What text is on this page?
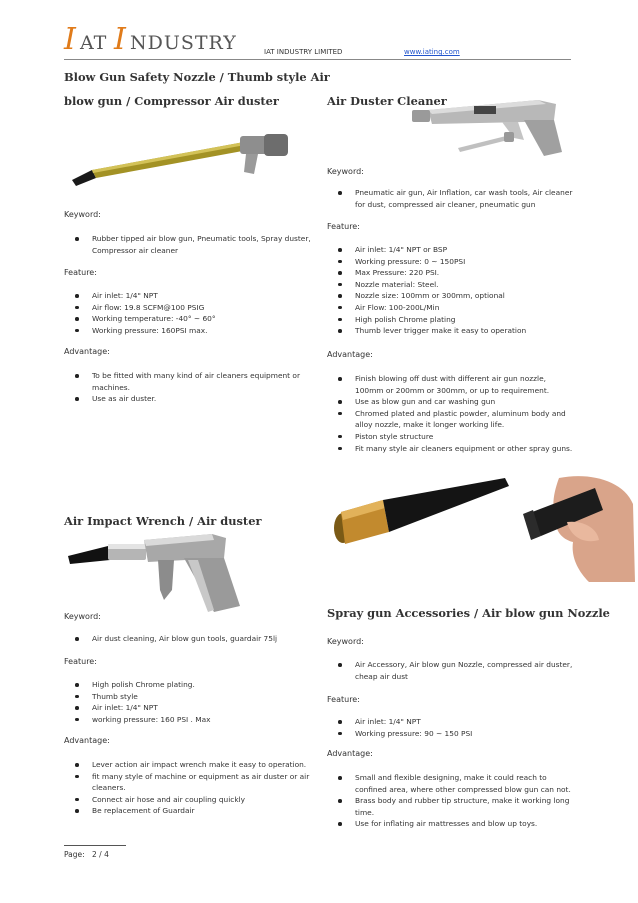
I AT I NDUSTRY	IAT INDUSTRY LIMITED	www.iating.com
Blow Gun Safety Nozzle / Thumb style Air
blow gun / Compressor Air duster
Keyword:
Rubber tipped air blow gun, Pneumatic tools, Spray duster, Compressor air cleaner
Feature:
Air inlet: 1/4" NPT
Air flow: 19.8 SCFM@100 PSIG
Working temperature: -40° ~ 60°
Working pressure: 160PSI max.
Advantage:
To be fitted with many kind of air cleaners equipment or machines.
Use as air duster.
Air Duster Cleaner
Keyword:
Pneumatic air gun, Air Inflation, car wash tools, Air cleaner for dust, compressed air cleaner, pneumatic gun
Feature:
Air inlet: 1/4" NPT or BSP
Working pressure: 0 ~ 150PSI
Max Pressure: 220 PSI.
Nozzle material: Steel.
Nozzle size: 100mm or 300mm, optional
Air Flow: 100-200L/Min
High polish Chrome plating
Thumb lever trigger make it easy to operation
Advantage:
Finish blowing off dust with different air gun nozzle, 100mm or 200mm or 300mm, or up to requirement.
Use as blow gun and car washing gun
Chromed plated and plastic powder, aluminum body and alloy nozzle, make it longer working life.
Piston style structure
Fit many style air cleaners equipment or other spray guns.
Air Impact Wrench / Air duster
Keyword:
Air dust cleaning, Air blow gun tools, guardair 75lj
Feature:
High polish Chrome plating.
Thumb style
Air inlet: 1/4" NPT
working pressure: 160 PSI . Max
Advantage:
Lever action air impact wrench make it easy to operation.
fit many style of machine or equipment as air duster or air cleaners.
Connect air hose and air coupling quickly
Be replacement of Guardair
Spray gun Accessories / Air blow gun Nozzle
Keyword:
Air Accessory, Air blow gun Nozzle, compressed air duster, cheap air dust
Feature:
Air inlet: 1/4" NPT
Working pressure: 90 ~ 150 PSI
Advantage:
Small and flexible designing, make it could reach to confined area, where other compressed blow gun can not.
Brass body and rubber tip structure, make it working long time.
Use for inflating air mattresses and blow up toys.
Page: 2 / 4
